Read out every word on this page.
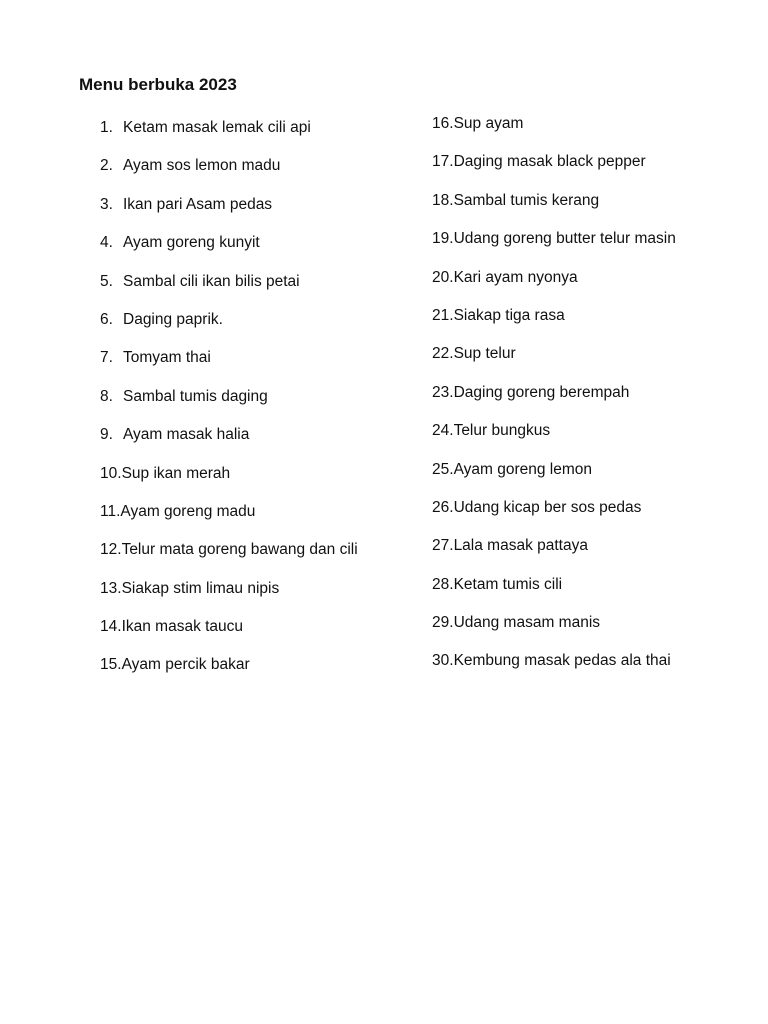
Menu berbuka 2023
1. Ketam masak lemak cili api
2. Ayam sos lemon madu
3. Ikan pari Asam pedas
4. Ayam goreng kunyit
5. Sambal cili ikan bilis petai
6. Daging paprik.
7. Tomyam thai
8. Sambal tumis daging
9. Ayam masak halia
10. Sup ikan merah
11. Ayam goreng madu
12. Telur mata goreng bawang dan cili
13. Siakap stim limau nipis
14. Ikan masak taucu
15. Ayam percik bakar
16. Sup ayam
17. Daging masak black pepper
18. Sambal tumis kerang
19. Udang goreng butter telur masin
20. Kari ayam nyonya
21. Siakap tiga rasa
22. Sup telur
23. Daging goreng berempah
24. Telur bungkus
25. Ayam goreng lemon
26. Udang kicap ber sos pedas
27. Lala masak pattaya
28. Ketam tumis cili
29. Udang masam manis
30. Kembung masak pedas ala thai
